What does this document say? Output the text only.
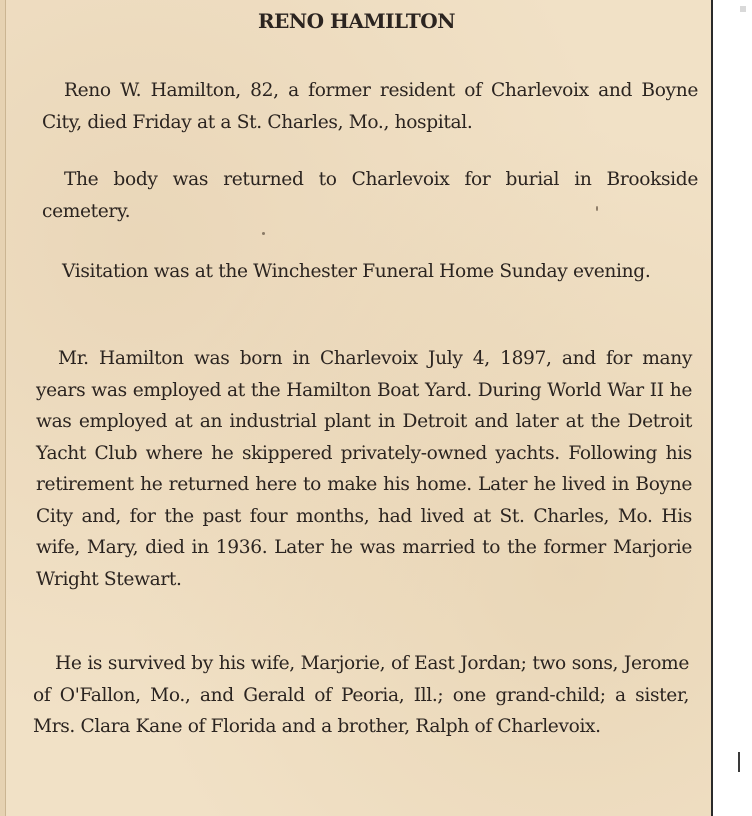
RENO HAMILTON

Reno W. Hamilton, 82, a former resident of Charlevoix and Boyne City, died Friday at a St. Charles, Mo., hospital.

The body was returned to Charlevoix for burial in Brookside cemetery.

Visitation was at the Winchester Funeral Home Sunday evening.

Mr. Hamilton was born in Charlevoix July 4, 1897, and for many years was employed at the Hamilton Boat Yard. During World War II he was employed at an industrial plant in Detroit and later at the Detroit Yacht Club where he skippered privately-owned yachts. Following his retirement he returned here to make his home. Later he lived in Boyne City and, for the past four months, had lived at St. Charles, Mo. His wife, Mary, died in 1936. Later he was married to the former Marjorie Wright Stewart.

He is survived by his wife, Marjorie, of East Jordan; two sons, Jerome of O'Fallon, Mo., and Gerald of Peoria, Ill.; one grand-child; a sister, Mrs. Clara Kane of Florida and a brother, Ralph of Charlevoix.
